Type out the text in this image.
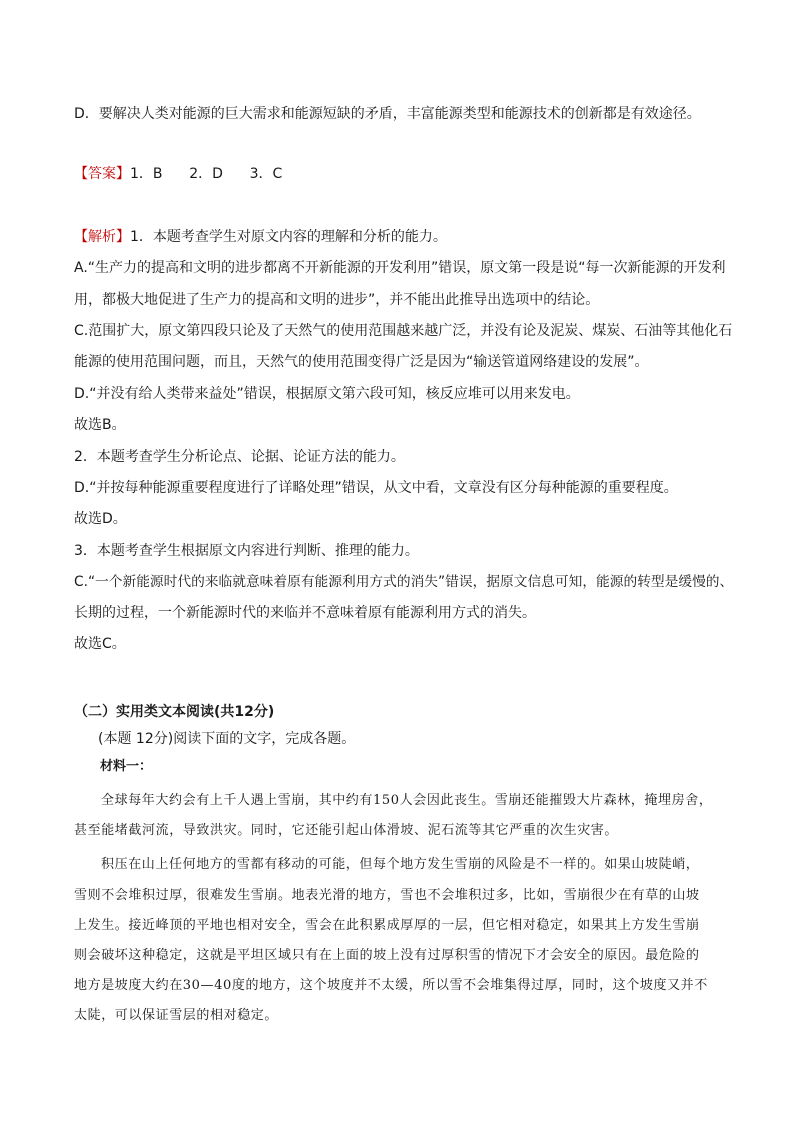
D．要解决人类对能源的巨大需求和能源短缺的矛盾，丰富能源类型和能源技术的创新都是有效途径。
【答案】1．B      2．D      3．C
【解析】1．本题考查学生对原文内容的理解和分析的能力。
A.“生产力的提高和文明的进步都离不开新能源的开发利用”错误，原文第一段是说“每一次新能源的开发利
用，都极大地促进了生产力的提高和文明的进步”，并不能出此推导出选项中的结论。
C.范围扩大，原文第四段只论及了天然气的使用范围越来越广泛，并没有论及泥炭、煤炭、石油等其他化石
能源的使用范围问题，而且，天然气的使用范围变得广泛是因为“输送管道网络建设的发展”。
D.“并没有给人类带来益处”错误，根据原文第六段可知，核反应堆可以用来发电。
故选B。
2．本题考查学生分析论点、论据、论证方法的能力。
D.“并按每种能源重要程度进行了详略处理”错误，从文中看，文章没有区分每种能源的重要程度。
故选D。
3．本题考查学生根据原文内容进行判断、推理的能力。
C.“一个新能源时代的来临就意味着原有能源利用方式的消失”错误，据原文信息可知，能源的转型是缓慢的、
长期的过程，一个新能源时代的来临并不意味着原有能源利用方式的消失。
故选C。
（二）实用类文本阅读(共12分)
(本题 12分)阅读下面的文字，完成各题。
材料一：
全球每年大约会有上千人遇上雪崩，其中约有150人会因此丧生。雪崩还能摧毁大片森林，掩埋房舍，
甚至能堵截河流，导致洪灾。同时，它还能引起山体滑坡、泥石流等其它严重的次生灾害。
积压在山上任何地方的雪都有移动的可能，但每个地方发生雪崩的风险是不一样的。如果山坡陡峭，
雪则不会堆积过厚，很难发生雪崩。地表光滑的地方，雪也不会堆积过多，比如，雪崩很少在有草的山坡
上发生。接近峰顶的平地也相对安全，雪会在此积累成厚厚的一层，但它相对稳定，如果其上方发生雪崩
则会破坏这种稳定，这就是平坦区域只有在上面的坡上没有过厚积雪的情况下才会安全的原因。最危险的
地方是坡度大约在30—40度的地方，这个坡度并不太缓，所以雪不会堆集得过厚，同时，这个坡度又并不
太陡，可以保证雪层的相对稳定。
